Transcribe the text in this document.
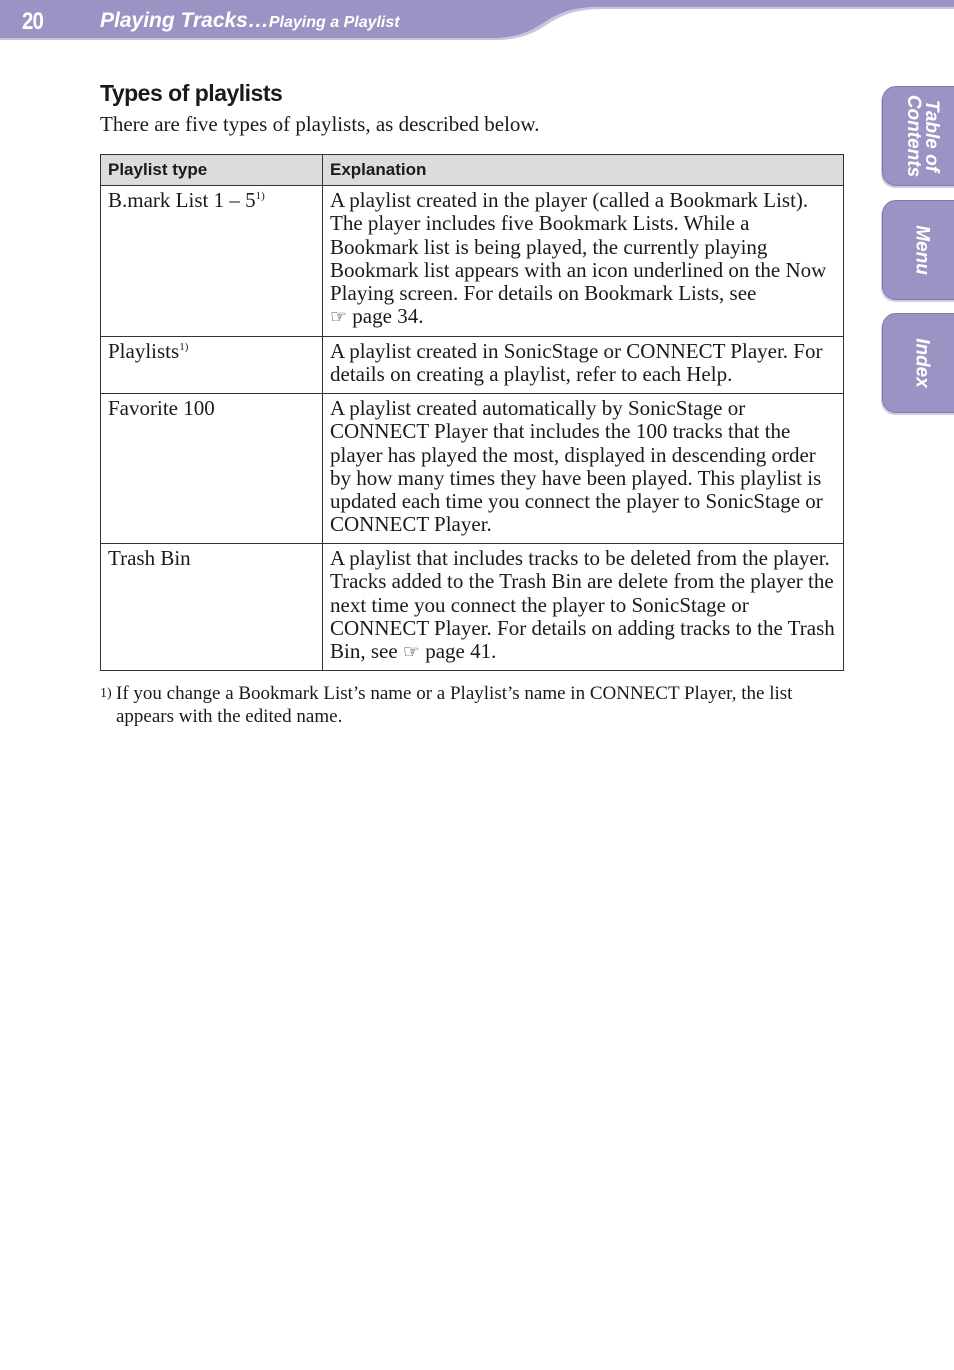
20	Playing Tracks…Playing a Playlist
Table of Contents
Menu
Index
Types of playlists

There are five types of playlists, as described below.

Playlist type	Explanation
B.mark List 1 – 5$^{1)}$	A playlist created in the player (called a Bookmark List). The player includes five Bookmark Lists. While a Bookmark list is being played, the currently playing Bookmark list appears with an icon underlined on the Now Playing screen. For details on Bookmark Lists, see
☞ page 34.
Playlists$^{1)}$	A playlist created in SonicStage or CONNECT Player. For details on creating a playlist, refer to each Help.
Favorite 100	A playlist created automatically by SonicStage or CONNECT Player that includes the 100 tracks that the player has played the most, displayed in descending order by how many times they have been played. This playlist is updated each time you connect the player to SonicStage or CONNECT Player.
Trash Bin	A playlist that includes tracks to be deleted from the player. Tracks added to the Trash Bin are delete from the player the next time you connect the player to SonicStage or CONNECT Player. For details on adding tracks to the Trash Bin, see ☞ page 41.
1) If you change a Bookmark List’s name or a Playlist’s name in CONNECT Player, the list appears with the edited name.
